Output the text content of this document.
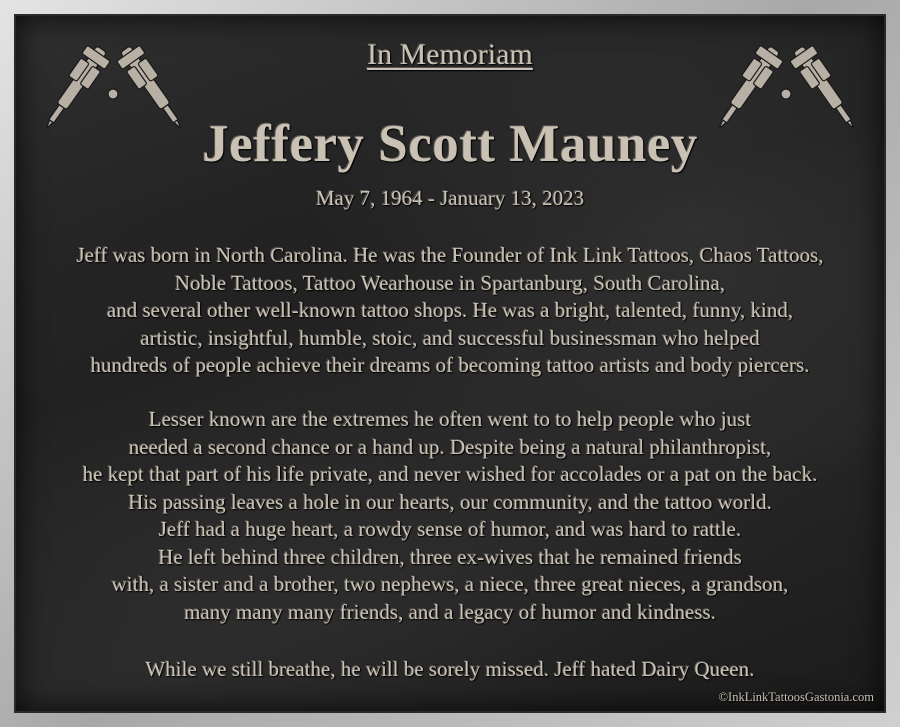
In Memoriam
Jeffery Scott Mauney
May 7, 1964 - January 13, 2023
Jeff was born in North Carolina. He was the Founder of Ink Link Tattoos, Chaos Tattoos,
Noble Tattoos, Tattoo Wearhouse in Spartanburg, South Carolina,
and several other well-known tattoo shops. He was a bright, talented, funny, kind,
artistic, insightful, humble, stoic, and successful businessman who helped
hundreds of people achieve their dreams of becoming tattoo artists and body piercers.
Lesser known are the extremes he often went to to help people who just
needed a second chance or a hand up. Despite being a natural philanthropist,
he kept that part of his life private, and never wished for accolades or a pat on the back.
His passing leaves a hole in our hearts, our community, and the tattoo world.
Jeff had a huge heart, a rowdy sense of humor, and was hard to rattle.
He left behind three children, three ex-wives that he remained friends
with, a sister and a brother, two nephews, a niece, three great nieces, a grandson,
many many many friends, and a legacy of humor and kindness.
While we still breathe, he will be sorely missed. Jeff hated Dairy Queen.
©InkLinkTattoosGastonia.com
